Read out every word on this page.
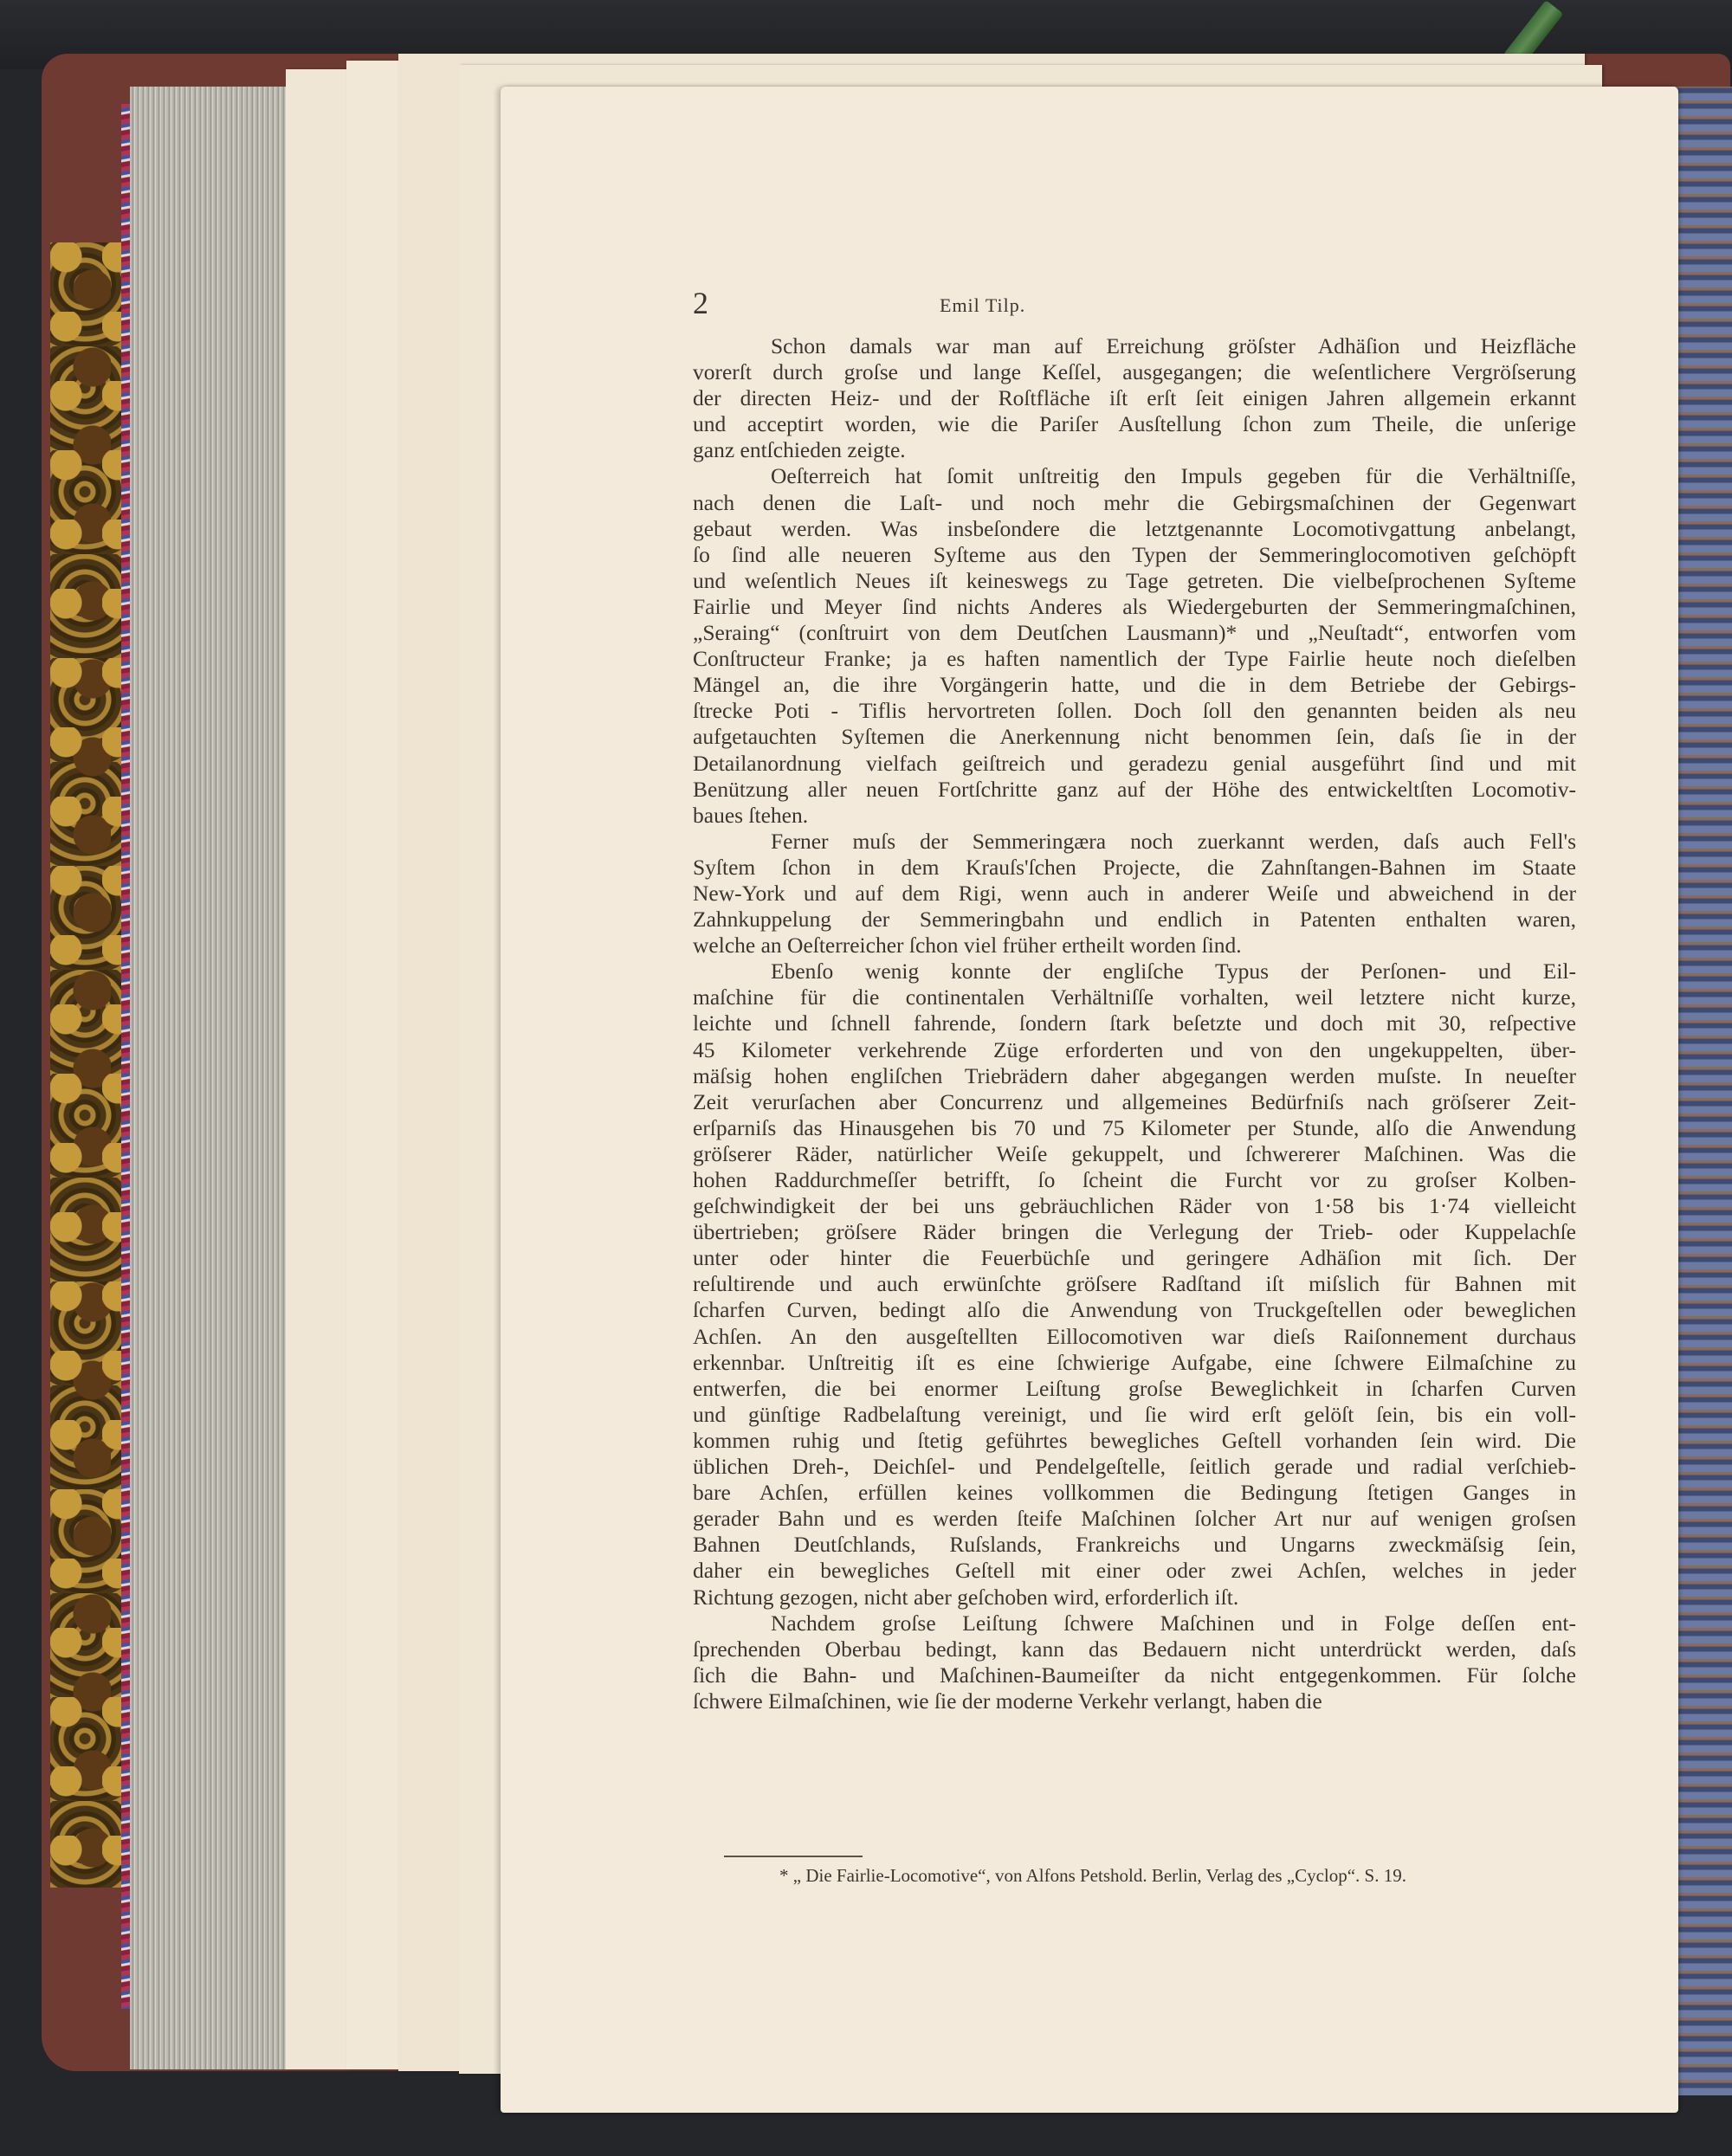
2	Emil Tilp.
Schon damals war man auf Erreichung gröſster Adhäſion und Heizfläche
vorerſt durch groſse und lange Keſſel, ausgegangen; die weſentlichere Vergröſserung
der directen Heiz- und der Roſtfläche iſt erſt ſeit einigen Jahren allgemein erkannt
und acceptirt worden, wie die Pariſer Ausſtellung ſchon zum Theile, die unſerige
ganz entſchieden zeigte.
Oeſterreich hat ſomit unſtreitig den Impuls gegeben für die Verhältniſſe,
nach denen die Laſt- und noch mehr die Gebirgsmaſchinen der Gegenwart
gebaut werden. Was insbeſondere die letztgenannte Locomotivgattung anbelangt,
ſo ſind alle neueren Syſteme aus den Typen der Semmeringlocomotiven geſchöpft
und weſentlich Neues iſt keineswegs zu Tage getreten. Die vielbeſprochenen Syſteme
Fairlie und Meyer ſind nichts Anderes als Wiedergeburten der Semmeringmaſchinen,
„Seraing“ (conſtruirt von dem Deutſchen Lausmann)* und „Neuſtadt“, entworfen vom
Conſtructeur Franke; ja es haften namentlich der Type Fairlie heute noch dieſelben
Mängel an, die ihre Vorgängerin hatte, und die in dem Betriebe der Gebirgs-
ſtrecke Poti - Tiflis hervortreten ſollen. Doch ſoll den genannten beiden als neu
aufgetauchten Syſtemen die Anerkennung nicht benommen ſein, daſs ſie in der
Detailanordnung vielfach geiſtreich und geradezu genial ausgeführt ſind und mit
Benützung aller neuen Fortſchritte ganz auf der Höhe des entwickeltſten Locomotiv-
baues ſtehen.
Ferner muſs der Semmeringæra noch zuerkannt werden, daſs auch Fell's
Syſtem ſchon in dem Krauſs'ſchen Projecte, die Zahnſtangen-Bahnen im Staate
New-York und auf dem Rigi, wenn auch in anderer Weiſe und abweichend in der
Zahnkuppelung der Semmeringbahn und endlich in Patenten enthalten waren,
welche an Oeſterreicher ſchon viel früher ertheilt worden ſind.
Ebenſo wenig konnte der engliſche Typus der Perſonen- und Eil-
maſchine für die continentalen Verhältniſſe vorhalten, weil letztere nicht kurze,
leichte und ſchnell fahrende, ſondern ſtark beſetzte und doch mit 30, reſpective
45 Kilometer verkehrende Züge erforderten und von den ungekuppelten, über-
mäſsig hohen engliſchen Triebrädern daher abgegangen werden muſste. In neueſter
Zeit verurſachen aber Concurrenz und allgemeines Bedürfniſs nach gröſserer Zeit-
erſparniſs das Hinausgehen bis 70 und 75 Kilometer per Stunde, alſo die Anwendung
gröſserer Räder, natürlicher Weiſe gekuppelt, und ſchwererer Maſchinen. Was die
hohen Raddurchmeſſer betrifft, ſo ſcheint die Furcht vor zu groſser Kolben-
geſchwindigkeit der bei uns gebräuchlichen Räder von 1·58 bis 1·74 vielleicht
übertrieben; gröſsere Räder bringen die Verlegung der Trieb- oder Kuppelachſe
unter oder hinter die Feuerbüchſe und geringere Adhäſion mit ſich. Der
reſultirende und auch erwünſchte gröſsere Radſtand iſt miſslich für Bahnen mit
ſcharfen Curven, bedingt alſo die Anwendung von Truckgeſtellen oder beweglichen
Achſen. An den ausgeſtellten Eillocomotiven war dieſs Raiſonnement durchaus
erkennbar. Unſtreitig iſt es eine ſchwierige Aufgabe, eine ſchwere Eilmaſchine zu
entwerfen, die bei enormer Leiſtung groſse Beweglichkeit in ſcharfen Curven
und günſtige Radbelaſtung vereinigt, und ſie wird erſt gelöſt ſein, bis ein voll-
kommen ruhig und ſtetig geführtes bewegliches Geſtell vorhanden ſein wird. Die
üblichen Dreh-, Deichſel- und Pendelgeſtelle, ſeitlich gerade und radial verſchieb-
bare Achſen, erfüllen keines vollkommen die Bedingung ſtetigen Ganges in
gerader Bahn und es werden ſteife Maſchinen ſolcher Art nur auf wenigen groſsen
Bahnen Deutſchlands, Ruſslands, Frankreichs und Ungarns zweckmäſsig ſein,
daher ein bewegliches Geſtell mit einer oder zwei Achſen, welches in jeder
Richtung gezogen, nicht aber geſchoben wird, erforderlich iſt.
Nachdem groſse Leiſtung ſchwere Maſchinen und in Folge deſſen ent-
ſprechenden Oberbau bedingt, kann das Bedauern nicht unterdrückt werden, daſs
ſich die Bahn- und Maſchinen-Baumeiſter da nicht entgegenkommen. Für ſolche
ſchwere Eilmaſchinen, wie ſie der moderne Verkehr verlangt, haben die
* „ Die Fairlie-Locomotive“, von Alfons Petshold. Berlin, Verlag des „Cyclop“. S. 19.
